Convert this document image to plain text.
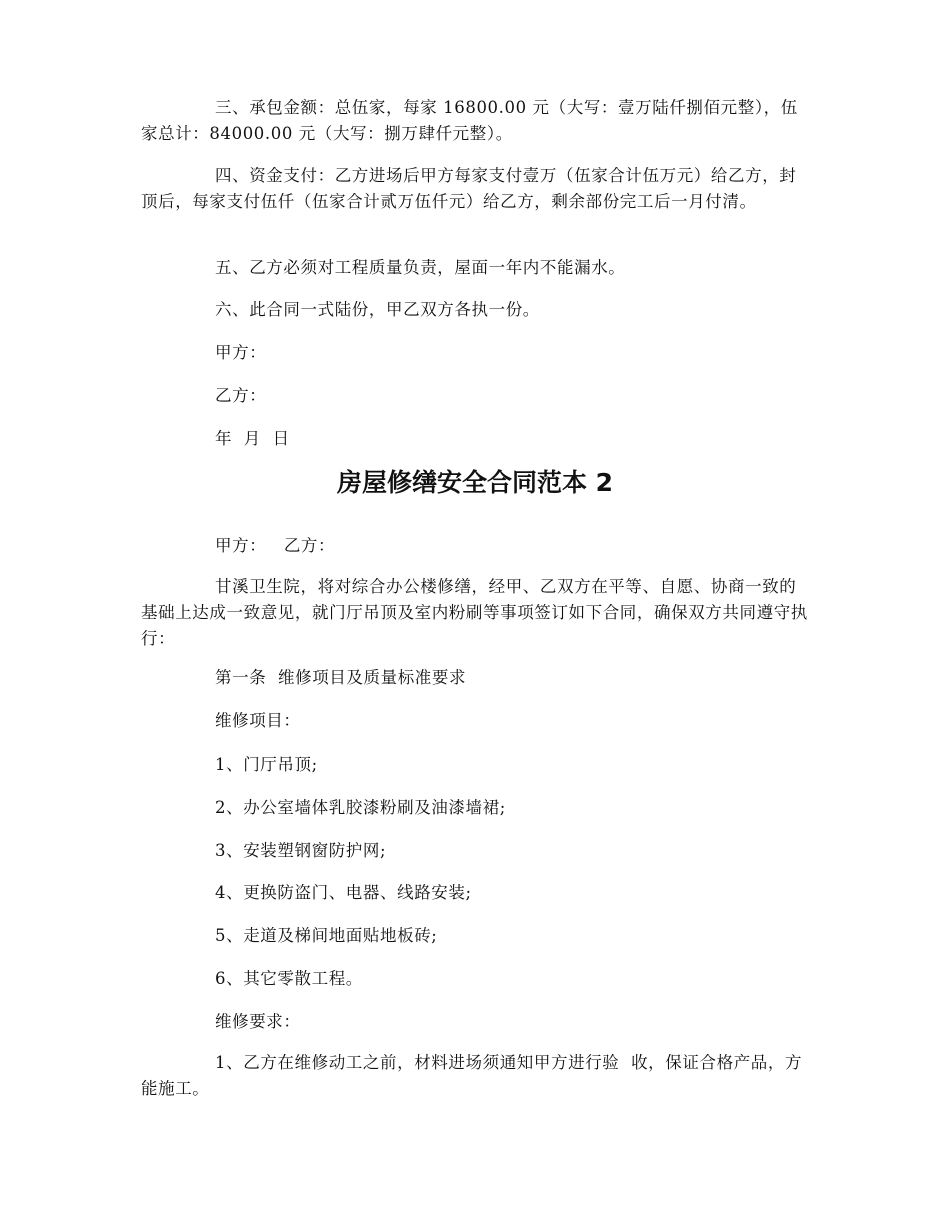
三、承包金额：总伍家，每家 16800.00 元（大写：壹万陆仟捌佰元整），伍家总计：84000.00 元（大写：捌万肆仟元整）。

四、资金支付：乙方进场后甲方每家支付壹万（伍家合计伍万元）给乙方，封顶后，每家支付伍仟（伍家合计贰万伍仟元）给乙方，剩余部份完工后一月付清。

五、乙方必须对工程质量负责，屋面一年内不能漏水。

六、此合同一式陆份，甲乙双方各执一份。

甲方：

乙方：

年  月  日

房屋修缮安全合同范本 2

甲方：   乙方：

甘溪卫生院，将对综合办公楼修缮，经甲、乙双方在平等、自愿、协商一致的基础上达成一致意见，就门厅吊顶及室内粉刷等事项签订如下合同，确保双方共同遵守执行：

第一条  维修项目及质量标准要求

维修项目：

1、门厅吊顶;

2、办公室墙体乳胶漆粉刷及油漆墙裙;

3、安装塑钢窗防护网;

4、更换防盗门、电器、线路安装;

5、走道及梯间地面贴地板砖;

6、其它零散工程。

维修要求：

1、乙方在维修动工之前，材料进场须通知甲方进行验  收，保证合格产品，方能施工。
